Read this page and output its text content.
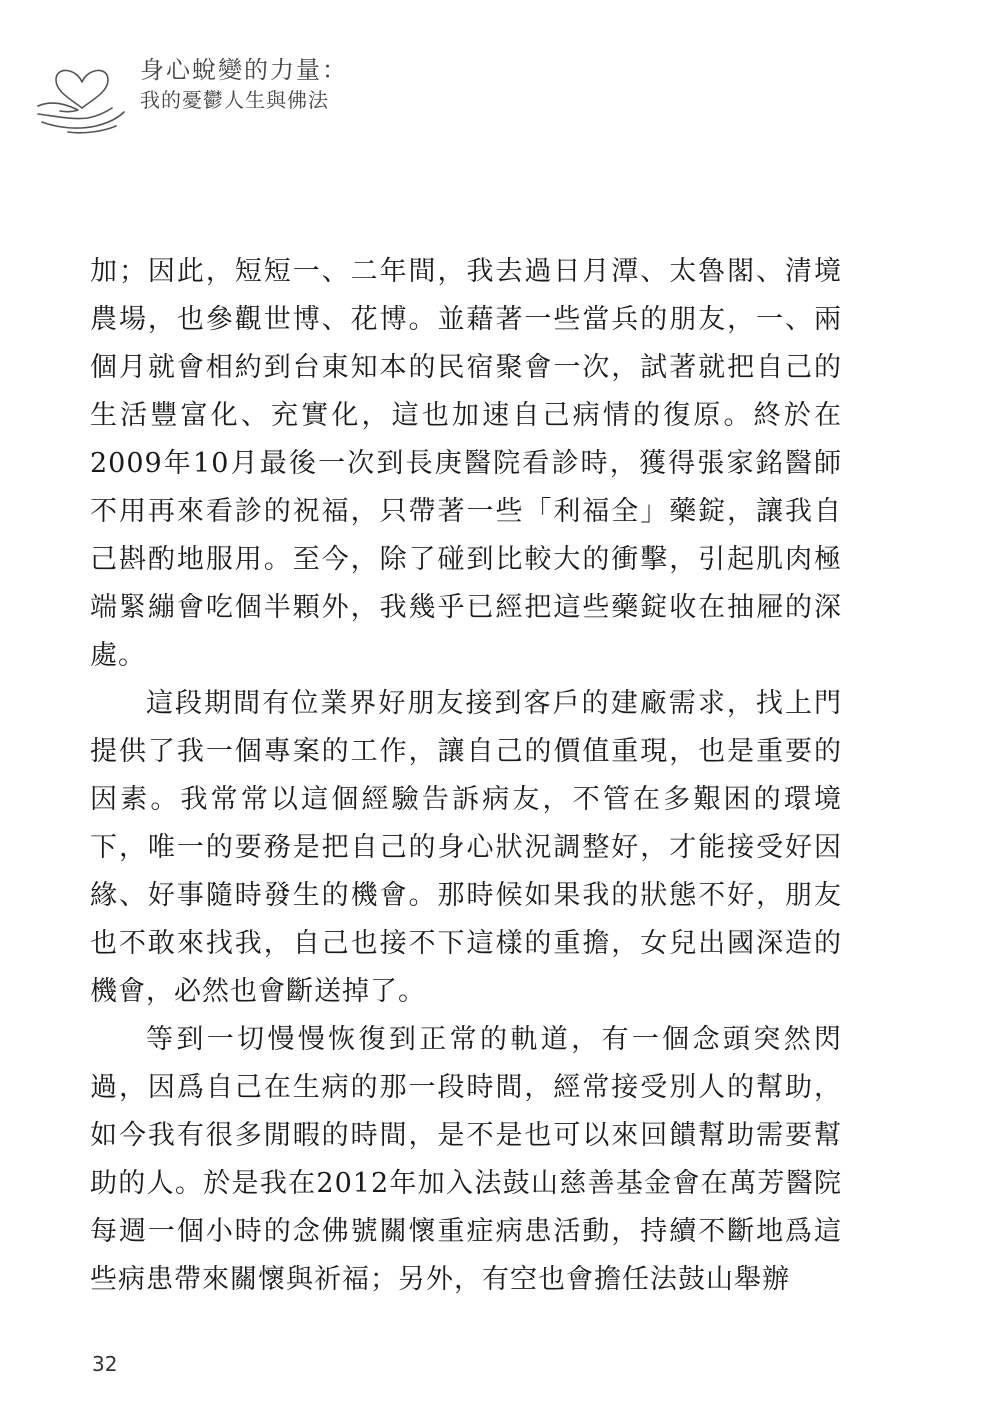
身心蛻變的力量：
我的憂鬱人生與佛法

加；因此，短短一、二年間，我去過日月潭、太魯閣、清境農場，也參觀世博、花博。並藉著一些當兵的朋友，一、兩個月就會相約到台東知本的民宿聚會一次，試著就把自己的生活豐富化、充實化，這也加速自己病情的復原。終於在2009年10月最後一次到長庚醫院看診時，獲得張家銘醫師不用再來看診的祝福，只帶著一些「利福全」藥錠，讓我自己斟酌地服用。至今，除了碰到比較大的衝擊，引起肌肉極端緊繃會吃個半顆外，我幾乎已經把這些藥錠收在抽屜的深處。

這段期間有位業界好朋友接到客戶的建廠需求，找上門提供了我一個專案的工作，讓自己的價值重現，也是重要的因素。我常常以這個經驗告訴病友，不管在多艱困的環境下，唯一的要務是把自己的身心狀況調整好，才能接受好因緣、好事隨時發生的機會。那時候如果我的狀態不好，朋友也不敢來找我，自己也接不下這樣的重擔，女兒出國深造的機會，必然也會斷送掉了。

等到一切慢慢恢復到正常的軌道，有一個念頭突然閃過，因爲自己在生病的那一段時間，經常接受別人的幫助，如今我有很多閒暇的時間，是不是也可以來回饋幫助需要幫助的人。於是我在2012年加入法鼓山慈善基金會在萬芳醫院每週一個小時的念佛號關懷重症病患活動，持續不斷地爲這些病患帶來關懷與祈福；另外，有空也會擔任法鼓山舉辦

32
